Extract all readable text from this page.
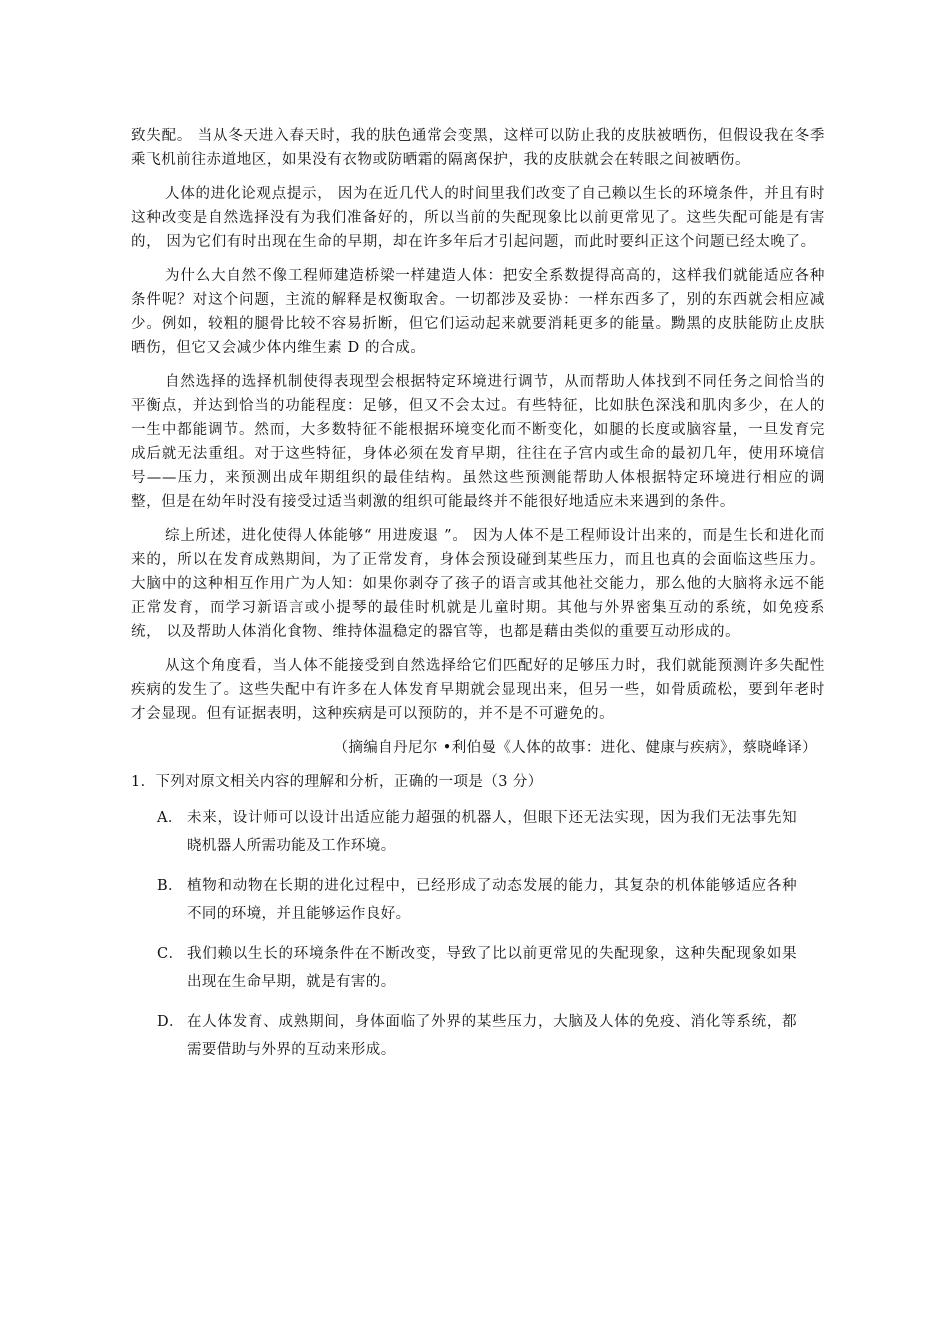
致失配。 当从冬天进入春天时，我的肤色通常会变黑，这样可以防止我的皮肤被晒伤，但假设我在冬季乘飞机前往赤道地区，如果没有衣物或防晒霜的隔离保护，我的皮肤就会在转眼之间被晒伤。

人体的进化论观点提示， 因为在近几代人的时间里我们改变了自己赖以生长的环境条件，并且有时这种改变是自然选择没有为我们准备好的，所以当前的失配现象比以前更常见了。这些失配可能是有害的， 因为它们有时出现在生命的早期，却在许多年后才引起问题，而此时要纠正这个问题已经太晚了。

为什么大自然不像工程师建造桥梁一样建造人体：把安全系数提得高高的，这样我们就能适应各种条件呢？对这个问题，主流的解释是权衡取舍。一切都涉及妥协：一样东西多了，别的东西就会相应减少。例如，较粗的腿骨比较不容易折断，但它们运动起来就要消耗更多的能量。黝黑的皮肤能防止皮肤晒伤，但它又会减少体内维生素 D 的合成。

自然选择的选择机制使得表现型会根据特定环境进行调节，从而帮助人体找到不同任务之间恰当的平衡点，并达到恰当的功能程度：足够，但又不会太过。有些特征，比如肤色深浅和肌肉多少，在人的一生中都能调节。然而，大多数特征不能根据环境变化而不断变化，如腿的长度或脑容量，一旦发育完成后就无法重组。对于这些特征，身体必须在发育早期，往往在子宫内或生命的最初几年，使用环境信号——压力，来预测出成年期组织的最佳结构。虽然这些预测能帮助人体根据特定环境进行相应的调整，但是在幼年时没有接受过适当刺激的组织可能最终并不能很好地适应未来遇到的条件。

综上所述，进化使得人体能够“ 用进废退 ”。 因为人体不是工程师设计出来的，而是生长和进化而来的，所以在发育成熟期间，为了正常发育，身体会预设碰到某些压力，而且也真的会面临这些压力。大脑中的这种相互作用广为人知：如果你剥夺了孩子的语言或其他社交能力，那么他的大脑将永远不能正常发育，而学习新语言或小提琴的最佳时机就是儿童时期。其他与外界密集互动的系统，如免疫系统， 以及帮助人体消化食物、维持体温稳定的器官等，也都是藉由类似的重要互动形成的。

从这个角度看，当人体不能接受到自然选择给它们匹配好的足够压力时，我们就能预测许多失配性疾病的发生了。这些失配中有许多在人体发育早期就会显现出来，但另一些，如骨质疏松，要到年老时才会显现。但有证据表明，这种疾病是可以预防的，并不是不可避免的。

（摘编自丹尼尔 •利伯曼《人体的故事：进化、健康与疾病》，蔡晓峰译）

1．下列对原文相关内容的理解和分析，正确的一项是（3 分）

A． 未来，设计师可以设计出适应能力超强的机器人，但眼下还无法实现，因为我们无法事先知晓机器人所需功能及工作环境。
B． 植物和动物在长期的进化过程中，已经形成了动态发展的能力，其复杂的机体能够适应各种不同的环境，并且能够运作良好。
C． 我们赖以生长的环境条件在不断改变，导致了比以前更常见的失配现象，这种失配现象如果出现在生命早期，就是有害的。
D． 在人体发育、成熟期间，身体面临了外界的某些压力，大脑及人体的免疫、消化等系统，都需要借助与外界的互动来形成。
